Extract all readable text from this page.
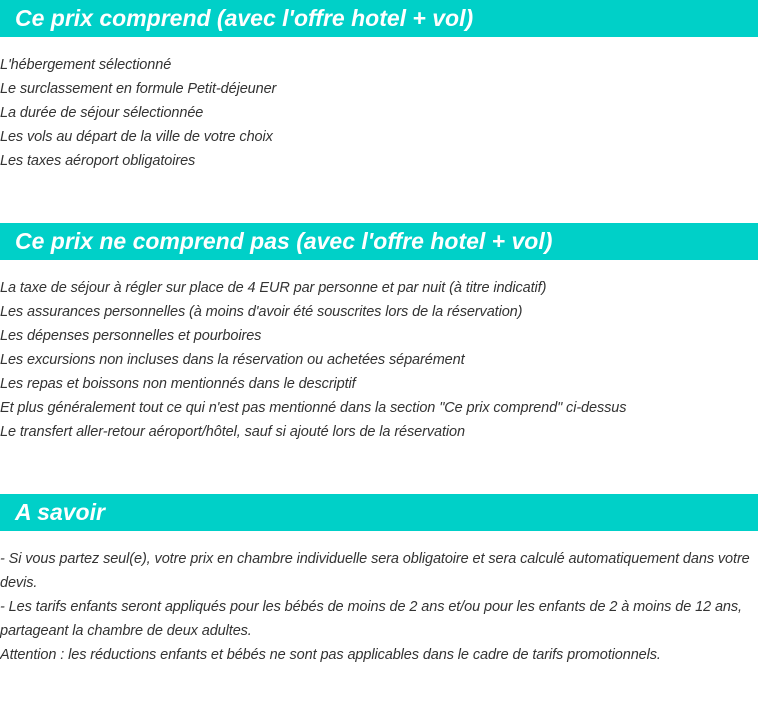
Ce prix comprend (avec l'offre hotel + vol)
L'hébergement sélectionné
Le surclassement en formule Petit-déjeuner
La durée de séjour sélectionnée
Les vols au départ de la ville de votre choix
Les taxes aéroport obligatoires
Ce prix ne comprend pas (avec l'offre hotel + vol)
La taxe de séjour à régler sur place de 4 EUR par personne et par nuit (à titre indicatif)
Les assurances personnelles (à moins d'avoir été souscrites lors de la réservation)
Les dépenses personnelles et pourboires
Les excursions non incluses dans la réservation ou achetées séparément
Les repas et boissons non mentionnés dans le descriptif
Et plus généralement tout ce qui n'est pas mentionné dans la section "Ce prix comprend" ci-dessus
Le transfert aller-retour aéroport/hôtel, sauf si ajouté lors de la réservation
A savoir

- Si vous partez seul(e), votre prix en chambre individuelle sera obligatoire et sera calculé automatiquement dans votre devis.

- Les tarifs enfants seront appliqués pour les bébés de moins de 2 ans et/ou pour les enfants de 2 à moins de 12 ans, partageant la chambre de deux adultes.

Attention : les réductions enfants et bébés ne sont pas applicables dans le cadre de tarifs promotionnels.
